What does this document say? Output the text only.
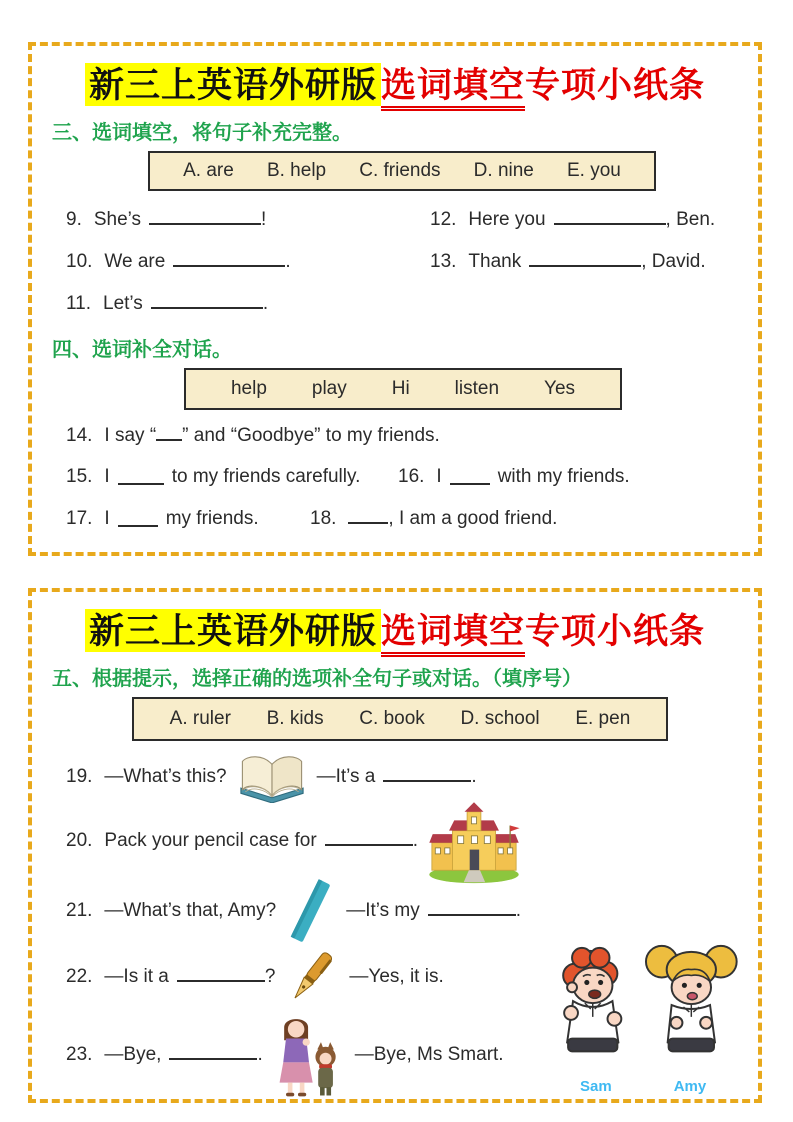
新三上英语外研版 选词填空专项小纸条
三、选词填空，将句子补充完整。
A. are B. help C. friends D. nine E. you
9. She’s	!	12. Here you	, Ben.
10. We are	.	13. Thank	, David.
11. Let’s	.
四、选词补全对话。
help play Hi listen Yes
14. I say “ ” and “Goodbye” to my friends.
15. I	to my friends carefully. 16. I	with my friends.
17. I	my friends.	18.	, I am a good friend.
新三上英语外研版 选词填空专项小纸条
五、根据提示，选择正确的选项补全句子或对话。（填序号）
A. ruler B. kids C. book D. school E. pen
19. —What’s this?	—It’s a	.
20. Pack your pencil case for	.
21. —What’s that, Amy?	—It’s my	.
22. —Is it a	?	—Yes, it is.
23. —Bye,	.	—Bye, Ms Smart.
Sam	Amy
